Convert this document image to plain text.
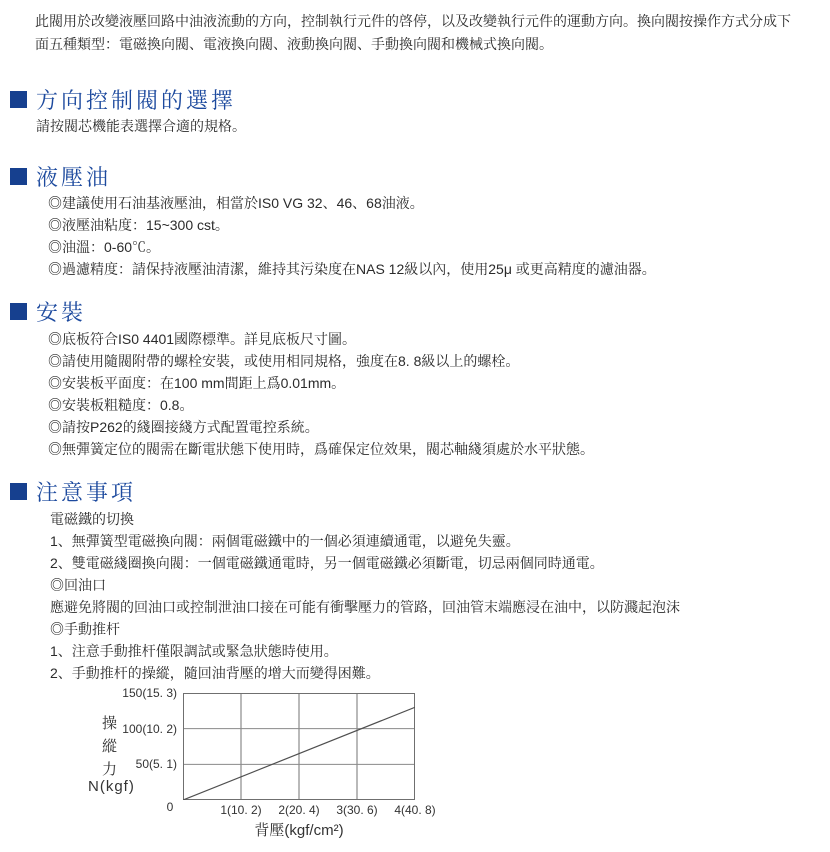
此閥用於改變液壓回路中油液流動的方向，控制執行元件的啓停，以及改變執行元件的運動方向。換向閥按操作方式分成下面五種類型：電磁換向閥、電液換向閥、液動換向閥、手動換向閥和機械式換向閥。

方向控制閥的選擇
請按閥芯機能表選擇合適的規格。
液壓油
◎建議使用石油基液壓油，相當於IS0 VG 32、46、68油液。
◎液壓油粘度：15~300 cst。
◎油溫：0-60℃。
◎過濾精度：請保持液壓油清潔，維持其污染度在NAS 12級以內，使用25μ 或更高精度的濾油器。
安裝
◎底板符合IS0 4401國際標準。詳見底板尺寸圖。
◎請使用隨閥附帶的螺栓安裝，或使用相同規格，強度在8. 8級以上的螺栓。
◎安裝板平面度：在100 mm間距上爲0.01mm。
◎安裝板粗糙度：0.8。
◎請按P262的綫圈接綫方式配置電控系統。
◎無彈簧定位的閥需在斷電狀態下使用時，爲確保定位效果，閥芯軸綫須處於水平狀態。
注意事項
電磁鐵的切換
1、無彈簧型電磁換向閥：兩個電磁鐵中的一個必須連續通電，以避免失靈。
2、雙電磁綫圈換向閥：一個電磁鐵通電時，另一個電磁鐵必須斷電，切忌兩個同時通電。
◎回油口
應避免將閥的回油口或控制泄油口接在可能有衝擊壓力的管路，回油管末端應浸在油中，以防濺起泡沫
◎手動推杆
1、注意手動推杆僅限調試或緊急狀態時使用。
2、手動推杆的操縱，隨回油背壓的增大而變得困難。
操
縱
力
N(kgf)
150(15. 3)
100(10. 2)
50(5. 1)
0	1(10. 2) 2(20. 4) 3(30. 6) 4(40. 8)
背壓(kgf/cm²)
